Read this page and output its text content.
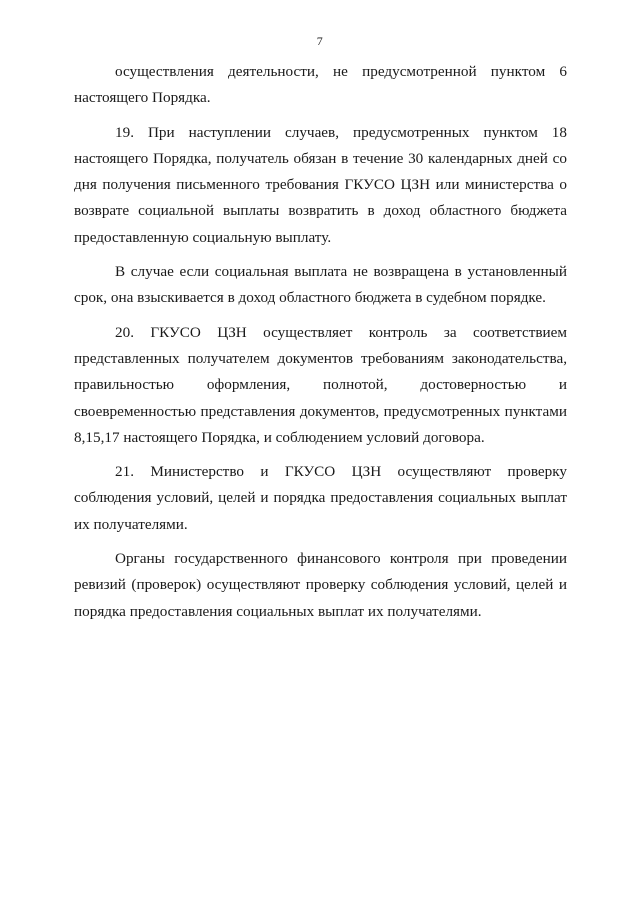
7

осуществления деятельности, не предусмотренной пунктом 6 настоящего Порядка.

19. При наступлении случаев, предусмотренных пунктом 18 настоящего Порядка, получатель обязан в течение 30 календарных дней со дня получения письменного требования ГКУСО ЦЗН или министерства о возврате социальной выплаты возвратить в доход областного бюджета предоставленную социальную выплату.

В случае если социальная выплата не возвращена в установленный срок, она взыскивается в доход областного бюджета в судебном порядке.

20. ГКУСО ЦЗН осуществляет контроль за соответствием представленных получателем документов требованиям законодательства, правильностью оформления, полнотой, достоверностью и своевременностью представления документов, предусмотренных пунктами 8,15,17 настоящего Порядка, и соблюдением условий договора.

21. Министерство и ГКУСО ЦЗН осуществляют проверку соблюдения условий, целей и порядка предоставления социальных выплат их получателями.

Органы государственного финансового контроля при проведении ревизий (проверок) осуществляют проверку соблюдения условий, целей и порядка предоставления социальных выплат их получателями.
